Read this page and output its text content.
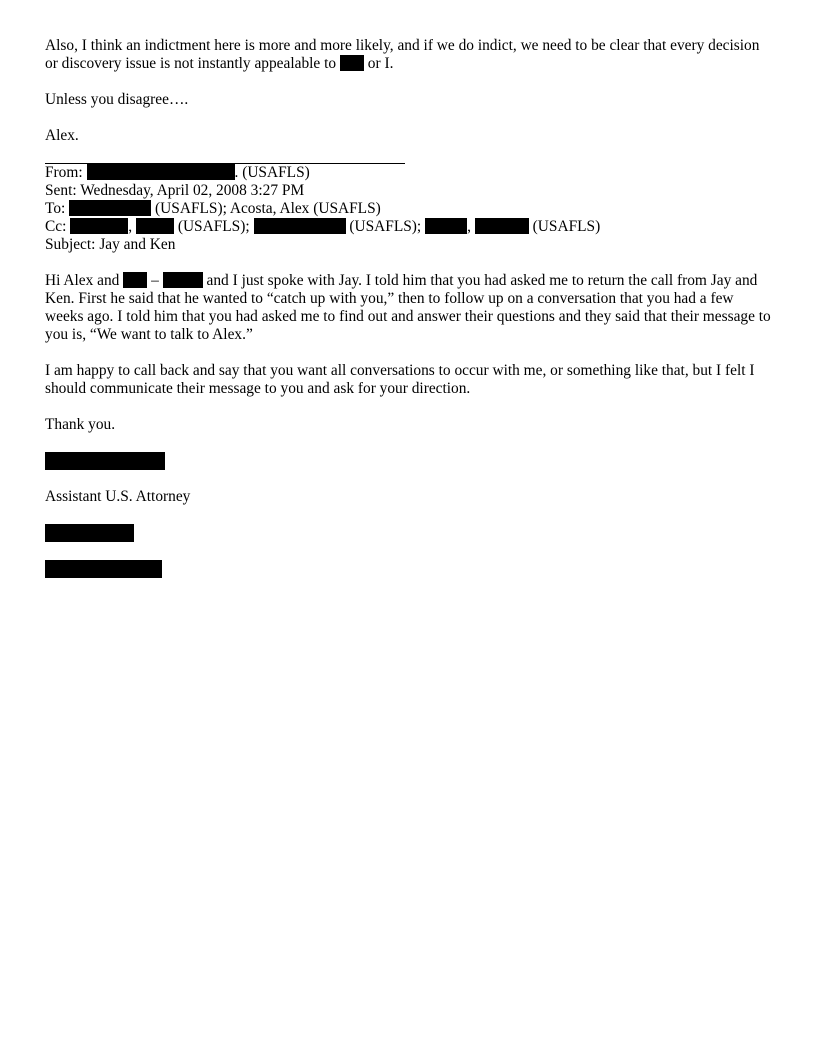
Also, I think an indictment here is more and more likely, and if we do indict, we need to be clear that every decision or discovery issue is not instantly appealable to or I.

Unless you disagree….

Alex.

From:	. (USAFLS)
Sent: Wednesday, April 02, 2008 3:27 PM
To:	(USAFLS); Acosta, Alex (USAFLS)
Cc:	,	(USAFLS);	(USAFLS);	,	(USAFLS)
Subject: Jay and Ken

Hi Alex and –	and I just spoke with Jay. I told him that you had asked me to return the call from Jay and Ken. First he said that he wanted to “catch up with you,” then to follow up on a conversation that you had a few weeks ago. I told him that you had asked me to find out and answer their questions and they said that their message to you is, “We want to talk to Alex.”

I am happy to call back and say that you want all conversations to occur with me, or something like that, but I felt I should communicate their message to you and ask for your direction.

Thank you.

Assistant U.S. Attorney
